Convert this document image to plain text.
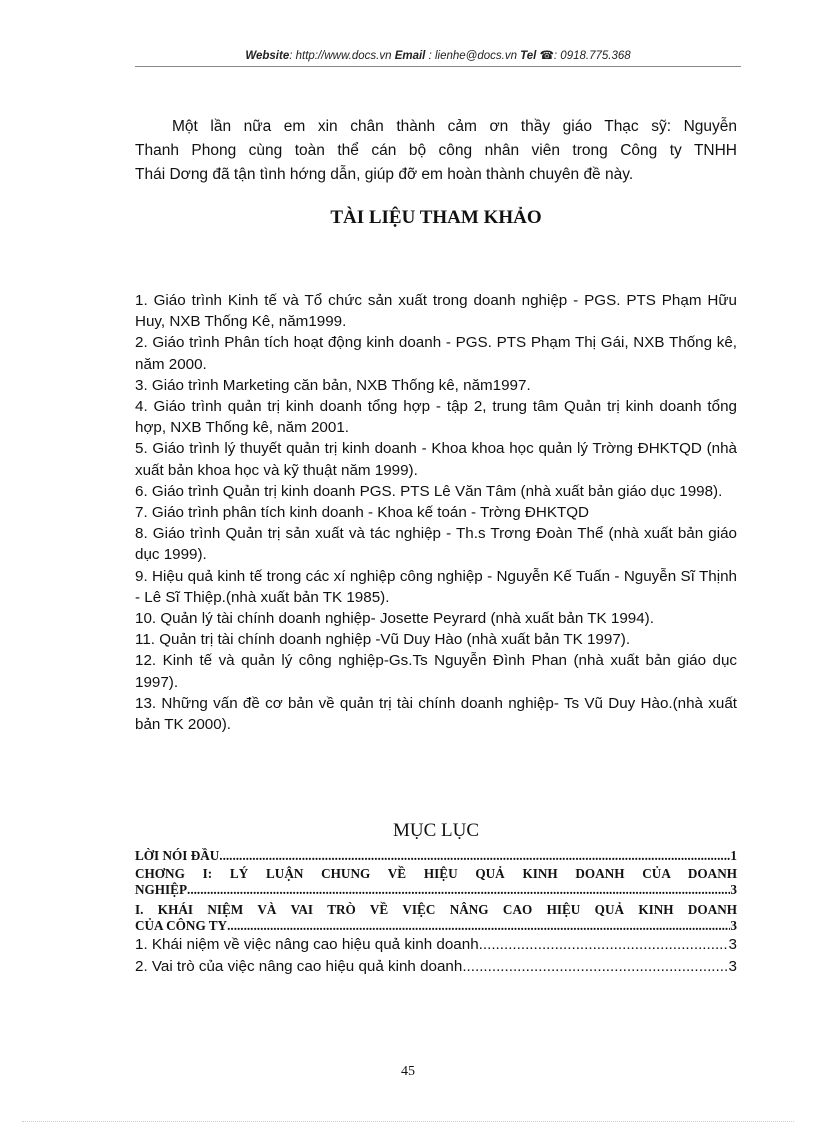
Website: http://www.docs.vn Email : lienhe@docs.vn Tel ☎: 0918.775.368
Một lần nữa em xin chân thành cảm ơn thầy giáo Thạc sỹ: Nguyễn
Thanh Phong cùng toàn thể cán bộ công nhân viên trong Công ty TNHH
Thái Dơng đã tận tình hớng dẫn, giúp đỡ em hoàn thành chuyên đề này.
TÀI LIỆU THAM KHẢO
1. Giáo trình Kinh tế và Tổ chức sản xuất trong doanh nghiệp - PGS. PTS Phạm Hữu Huy, NXB Thống Kê, năm1999.
2. Giáo trình Phân tích hoạt động kinh doanh - PGS. PTS Phạm Thị Gái, NXB Thống kê, năm 2000.
3. Giáo trình Marketing căn bản, NXB Thống kê, năm1997.
4. Giáo trình quản trị kinh doanh tổng hợp - tập 2, trung tâm Quản trị kinh doanh tổng hợp, NXB Thống kê, năm 2001.
5. Giáo trình lý thuyết quản trị kinh doanh - Khoa khoa học quản lý Trờng ĐHKTQD (nhà xuất bản khoa học và kỹ thuật năm 1999).
6. Giáo trình Quản trị kinh doanh PGS. PTS Lê Văn Tâm (nhà xuất bản giáo dục 1998).
7. Giáo trình phân tích kinh doanh - Khoa kế toán - Trờng ĐHKTQD
8. Giáo trình Quản trị sản xuất và tác nghiệp - Th.s Trơng Đoàn Thể (nhà xuất bản giáo dục 1999).
9. Hiệu quả kinh tế trong các xí nghiệp công nghiệp - Nguyễn Kế Tuấn - Nguyễn Sĩ Thịnh - Lê Sĩ Thiệp.(nhà xuất bản TK 1985).
10. Quản lý tài chính doanh nghiệp- Josette Peyrard (nhà xuất bản TK 1994).
11. Quản trị tài chính doanh nghiệp -Vũ Duy Hào (nhà xuất bản TK 1997).
12. Kinh tế và quản lý công nghiệp-Gs.Ts Nguyễn Đình Phan (nhà xuất bản giáo dục 1997).
13. Những vấn đề cơ bản về quản trị tài chính doanh nghiệp- Ts Vũ Duy Hào.(nhà xuất bản TK 2000).
MỤC LỤC
LỜI NÓI ĐẦU .....	1
CHƠNG I: LÝ LUẬN CHUNG VỀ HIỆU QUẢ KINH DOANH CỦA DOANH
NGHIỆP .....	3
I. KHÁI NIỆM VÀ VAI TRÒ VỀ VIỆC NÂNG CAO HIỆU QUẢ KINH DOANH
CỦA CÔNG TY .....	3
1. Khái niệm về việc nâng cao hiệu quả kinh doanh .....	3
2. Vai trò của việc nâng cao hiệu quả kinh doanh .....	3
45
